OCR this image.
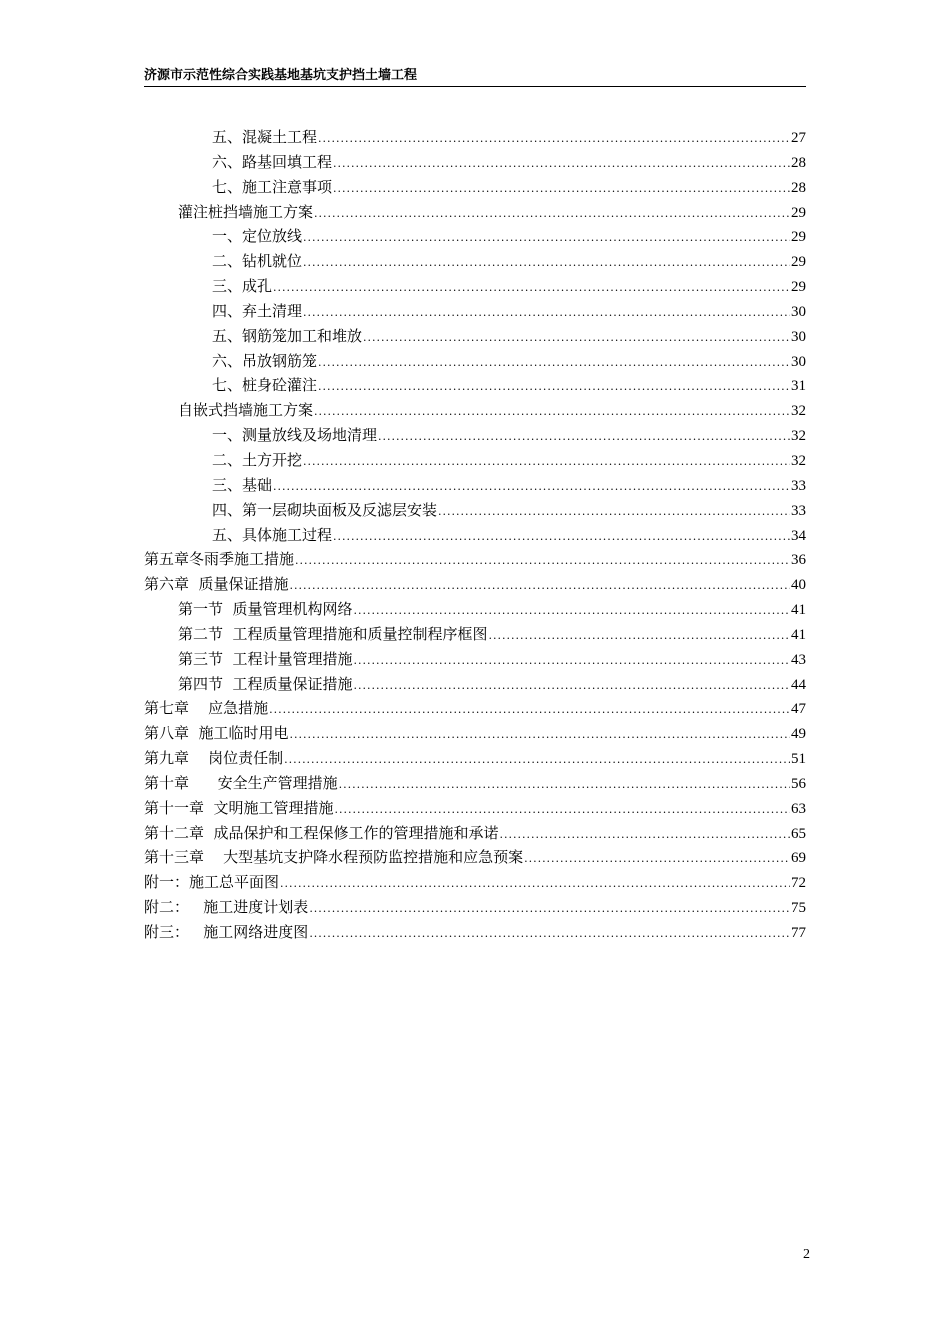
济源市示范性综合实践基地基坑支护挡土墙工程
五、混凝土工程 .....	27
六、路基回填工程 .....	28
七、施工注意事项 .....	28
灌注桩挡墙施工方案 .....	29
一、定位放线 .....	29
二、钻机就位 .....	29
三、成孔 .....	29
四、弃土清理 .....	30
五、钢筋笼加工和堆放 .....	30
六、吊放钢筋笼 .....	30
七、桩身砼灌注 .....	31
自嵌式挡墙施工方案 .....	32
一、测量放线及场地清理 .....	32
二、土方开挖 .....	32
三、基础 .....	33
四、第一层砌块面板及反滤层安装 .....	33
五、具体施工过程 .....	34
第五章冬雨季施工措施 .....	36
第六章  质量保证措施 .....	40
第一节  质量管理机构网络 .....	41
第二节  工程质量管理措施和质量控制程序框图 .....	41
第三节  工程计量管理措施 .....	43
第四节  工程质量保证措施 .....	44
第七章    应急措施 .....	47
第八章  施工临时用电 .....	49
第九章    岗位责任制 .....	51
第十章      安全生产管理措施 .....	56
第十一章  文明施工管理措施 .....	63
第十二章  成品保护和工程保修工作的管理措施和承诺 .....	65
第十三章    大型基坑支护降水程预防监控措施和应急预案 .....	69
附一：施工总平面图 .....	72
附二：   施工进度计划表 .....	75
附三：   施工网络进度图 .....	77
2
